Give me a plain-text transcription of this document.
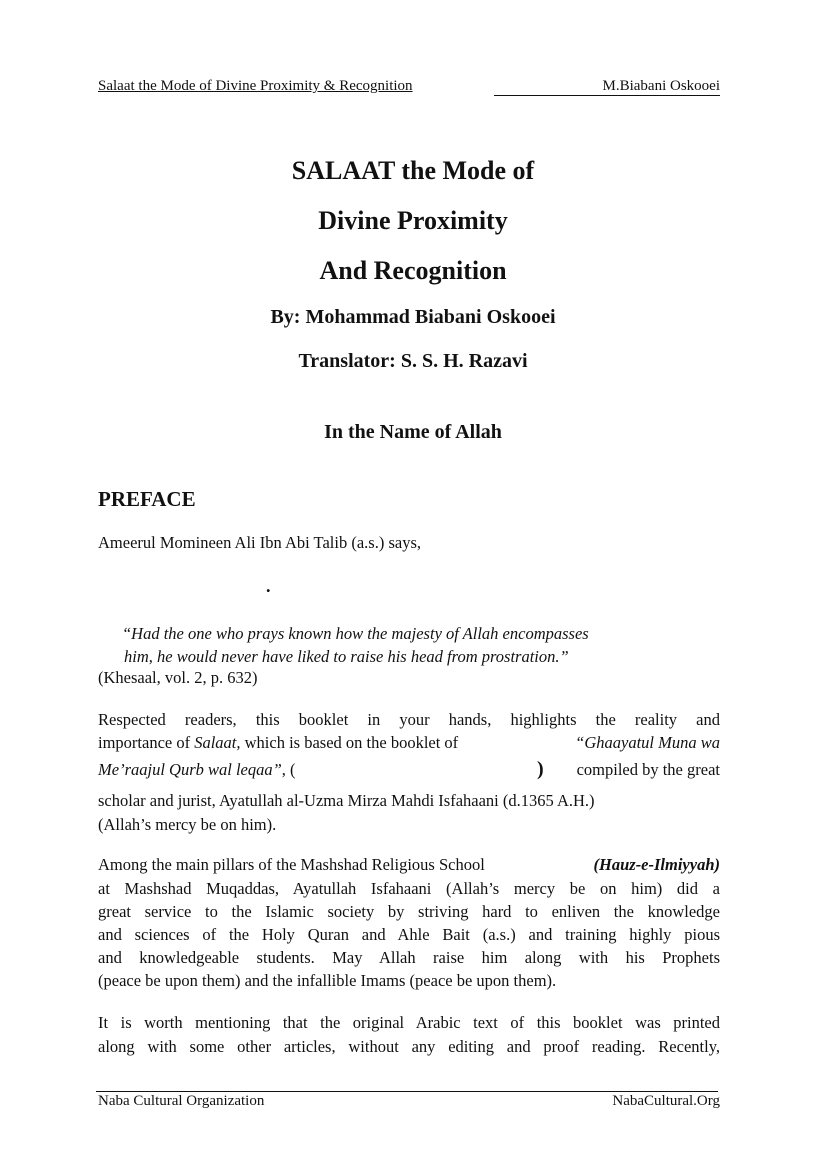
Salaat the Mode of Divine Proximity & Recognition	M.Biabani Oskooei
SALAAT the Mode of
Divine Proximity
And Recognition
By: Mohammad Biabani Oskooei
Translator: S. S. H. Razavi
In the Name of Allah
PREFACE
Ameerul Momineen Ali Ibn Abi Talib (a.s.) says,
.
“Had the one who prays known how the majesty of Allah encompasses
him, he would never have liked to raise his head from prostration.”
(Khesaal, vol. 2, p. 632)
Respected readers, this booklet in your hands, highlights the reality and
importance of Salaat, which is based on the booklet of	“Ghaayatul Muna wa
Me’raajul Qurb wal leqaa”, (	) compiled by the great
scholar and jurist, Ayatullah al-Uzma Mirza Mahdi Isfahaani (d.1365 A.H.)
(Allah’s mercy be on him).
Among the main pillars of the Mashshad Religious School	(Hauz-e-Ilmiyyah)
at Mashshad Muqaddas, Ayatullah Isfahaani (Allah’s mercy be on him) did a
great service to the Islamic society by striving hard to enliven the knowledge
and sciences of the Holy Quran and Ahle Bait (a.s.) and training highly pious
and knowledgeable students. May Allah raise him along with his Prophets
(peace be upon them) and the infallible Imams (peace be upon them).
It is worth mentioning that the original Arabic text of this booklet was printed
along with some other articles, without any editing and proof reading. Recently,
Naba Cultural Organization	NabaCultural.Org
